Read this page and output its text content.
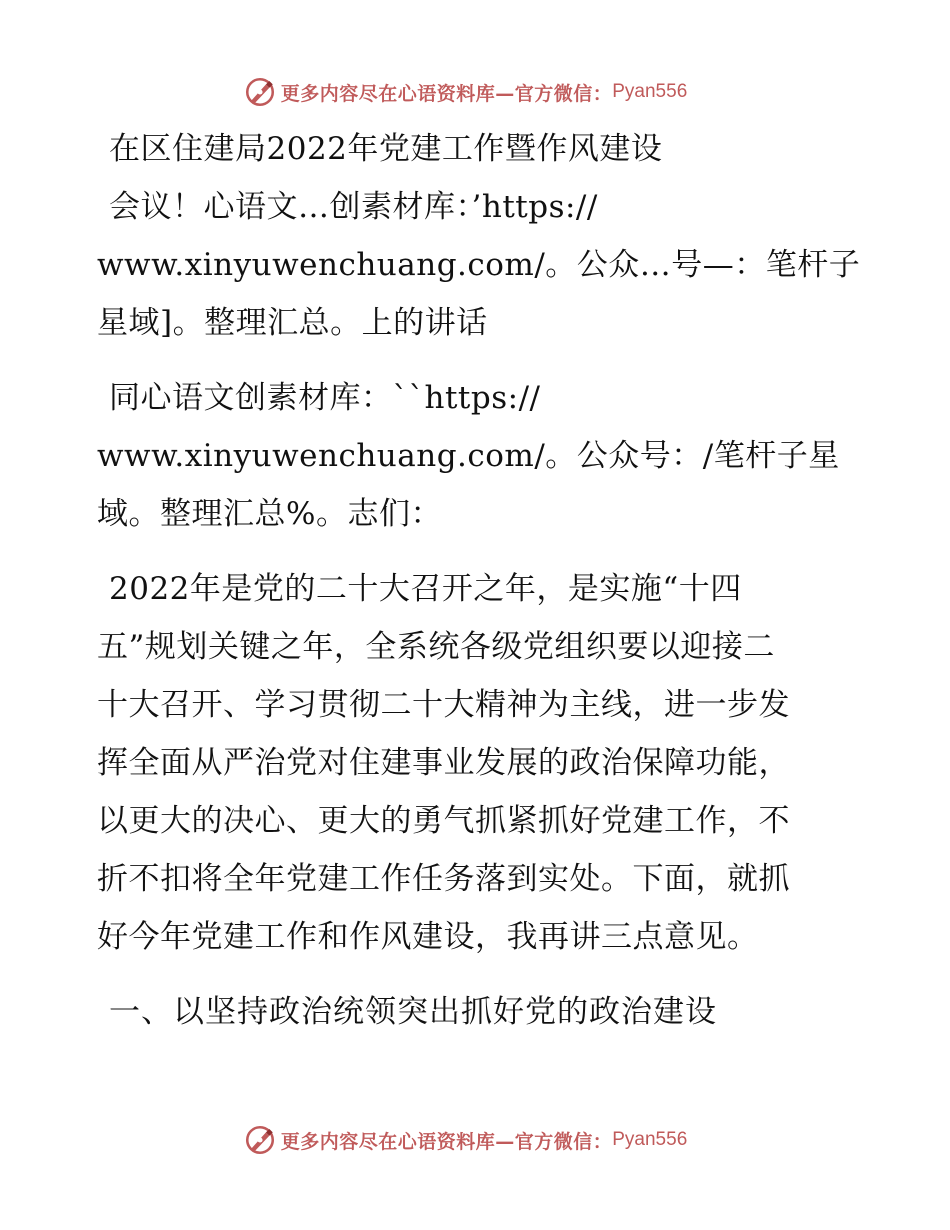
更多内容尽在心语资料库—官方微信： Pyan556
在区住建局2022年党建工作暨作风建设
会议！心语文…创素材库：’https://
www.xinyuwenchuang.com/。公众…号—：笔杆子
星域]。整理汇总。上的讲话
同心语文创素材库：``https://
www.xinyuwenchuang.com/。公众号：/笔杆子星
域。整理汇总%。志们：
2022年是党的二十大召开之年，是实施“十四
五”规划关键之年，全系统各级党组织要以迎接二
十大召开、学习贯彻二十大精神为主线，进一步发
挥全面从严治党对住建事业发展的政治保障功能，
以更大的决心、更大的勇气抓紧抓好党建工作，不
折不扣将全年党建工作任务落到实处。下面，就抓
好今年党建工作和作风建设，我再讲三点意见。
一、以坚持政治统领突出抓好党的政治建设
更多内容尽在心语资料库—官方微信： Pyan556
